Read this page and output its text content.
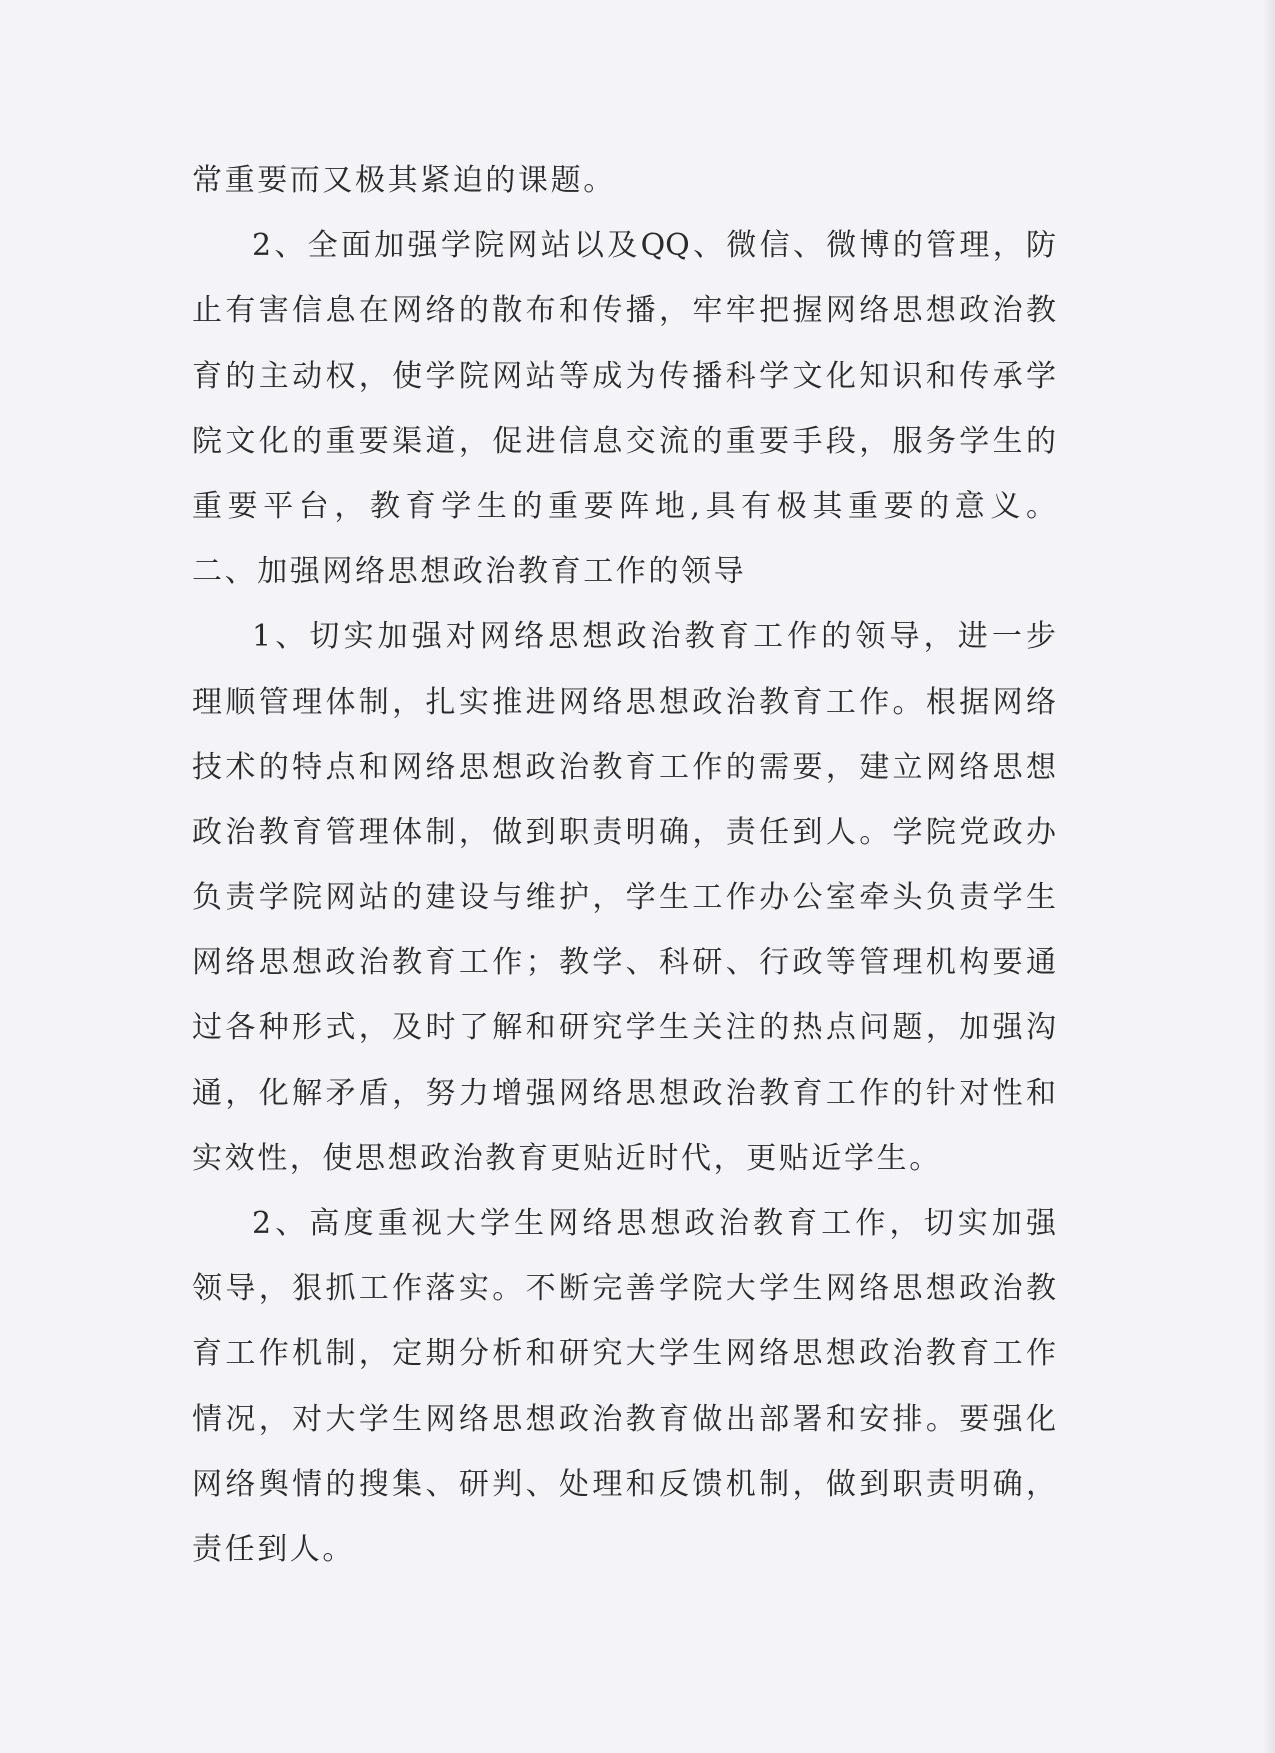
常重要而又极其紧迫的课题。
2、全面加强学院网站以及QQ、微信、微博的管理，防
止有害信息在网络的散布和传播，牢牢把握网络思想政治教
育的主动权，使学院网站等成为传播科学文化知识和传承学
院文化的重要渠道，促进信息交流的重要手段，服务学生的
重要平台，教育学生的重要阵地,具有极其重要的意义。
二、加强网络思想政治教育工作的领导
1、切实加强对网络思想政治教育工作的领导，进一步
理顺管理体制，扎实推进网络思想政治教育工作。根据网络
技术的特点和网络思想政治教育工作的需要，建立网络思想
政治教育管理体制，做到职责明确，责任到人。学院党政办
负责学院网站的建设与维护，学生工作办公室牵头负责学生
网络思想政治教育工作；教学、科研、行政等管理机构要通
过各种形式，及时了解和研究学生关注的热点问题，加强沟
通，化解矛盾，努力增强网络思想政治教育工作的针对性和
实效性，使思想政治教育更贴近时代，更贴近学生。
2、高度重视大学生网络思想政治教育工作，切实加强
领导，狠抓工作落实。不断完善学院大学生网络思想政治教
育工作机制，定期分析和研究大学生网络思想政治教育工作
情况，对大学生网络思想政治教育做出部署和安排。要强化
网络舆情的搜集、研判、处理和反馈机制，做到职责明确，
责任到人。
